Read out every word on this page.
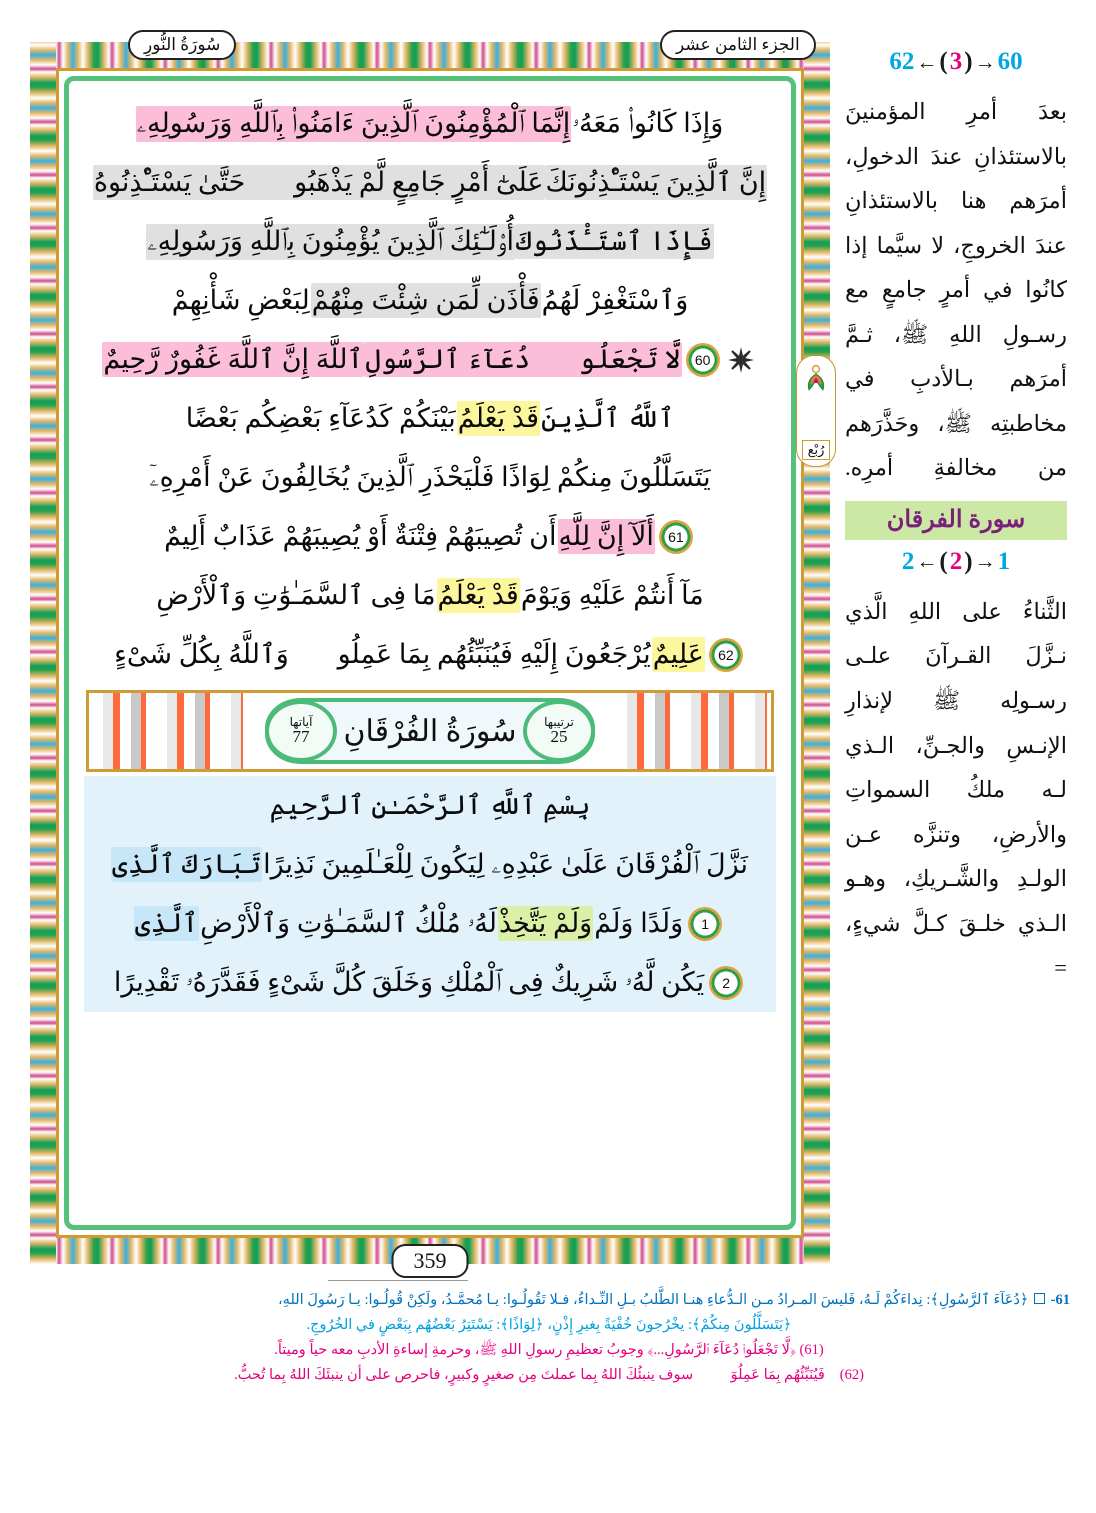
سُورَةُ النُّورِ	الجزء الثامن عشر
رُبْع
359
وَإِذَا كَانُوا۟ مَعَهُۥ
إِنَّمَا ٱلْمُؤْمِنُونَ ٱلَّذِينَ ءَامَنُوا۟ بِٱللَّهِ وَرَسُولِهِۦ
إِنَّ ٱلَّذِينَ يَسْتَـْٔذِنُونَكَ
عَلَىٰٓ أَمْرٍ جَامِعٍ لَّمْ يَذْهَبُوا۟ حَتَّىٰ يَسْتَـْٔذِنُوهُ
فَإِذَا ٱسْتَـْٔذَنُوكَ
أُو۟لَـٰٓئِكَ ٱلَّذِينَ يُؤْمِنُونَ بِٱللَّهِ وَرَسُولِهِۦ
وَٱسْتَغْفِرْ لَهُمُ
فَأْذَن لِّمَن شِئْتَ مِنْهُمْ
لِبَعْضِ شَأْنِهِمْ
60
لَّا تَجْعَلُوا۟ دُعَآءَ ٱلرَّسُولِ
ٱللَّهَ إِنَّ ٱللَّهَ غَفُورٌ رَّحِيمٌ
ٱللَّهُ ٱلَّذِينَ
قَدْ يَعْلَمُ
بَيْنَكُمْ كَدُعَآءِ بَعْضِكُم بَعْضًا
يَتَسَلَّلُونَ مِنكُمْ لِوَاذًا فَلْيَحْذَرِ ٱلَّذِينَ يُخَالِفُونَ عَنْ أَمْرِهِۦٓ
61
أَلَآ إِنَّ لِلَّهِ
أَن تُصِيبَهُمْ فِتْنَةٌ أَوْ يُصِيبَهُمْ عَذَابٌ أَلِيمٌ
مَآ أَنتُمْ عَلَيْهِ وَيَوْمَ
قَدْ يَعْلَمُ
مَا فِى ٱلسَّمَـٰوَٰتِ وَٱلْأَرْضِ
62
عَلِيمٌ
يُرْجَعُونَ إِلَيْهِ فَيُنَبِّئُهُم بِمَا عَمِلُوا۟ وَٱللَّهُ بِكُلِّ شَىْءٍ
آياتها
77	سُورَةُ الفُرْقَانِ	ترتيبها
25
بِسْمِ ٱللَّهِ ٱلرَّحْمَـٰنِ ٱلرَّحِيمِ
نَزَّلَ ٱلْفُرْقَانَ عَلَىٰ عَبْدِهِۦ لِيَكُونَ لِلْعَـٰلَمِينَ نَذِيرًا
تَبَارَكَ ٱلَّذِى
1
وَلَدًا وَلَمْ
وَلَمْ يَتَّخِذْ
لَهُۥ مُلْكُ ٱلسَّمَـٰوَٰتِ وَٱلْأَرْضِ
ٱلَّذِى
2
يَكُن لَّهُۥ شَرِيكٌ فِى ٱلْمُلْكِ وَخَلَقَ كُلَّ شَىْءٍ فَقَدَّرَهُۥ تَقْدِيرًا
62 ← ( 3 ) → 60
بعدَ أمرِ المؤمنينَ بالاستئذانِ عندَ الدخولِ، أمرَهم هنا بالاستئذانِ عندَ الخروجِ، لا سيَّما إذا كانُوا في أمرٍ جامعٍ مع رسـولِ اللهِ ﷺ، ثـمَّ أمرَهم بـالأدبِ في مخاطبتِه ﷺ، وحَذَّرَهم من مخالفةِ أمرِه.
سورة الفرقان
2 ← ( 2 ) → 1
الثَّناءُ على اللهِ الَّذي نـزَّلَ القـرآنَ علـى رسـولِه ﷺ لإنذارِ الإنـسِ والجـنِّ، الـذي لـه ملكُ السمواتِ والأرضِ، وتنزَّه عـن الولـدِ والشَّـريكِ، وهـو الـذي خلـقَ كـلَّ شيءٍ، =
61-  ﴿دُعَآءَ ٱلرَّسُولِ﴾: نِداءَكُمْ لَـهُ، فَليسَ المـرادُ مـن الـدُّعاءِ هنـا الطَّلبُ بـلِ النِّـداءُ، فـلا تَقُولُـوا: يـا مُحمَّـدُ، ولَكِنْ قُولُـوا: يـا رَسُولَ اللهِ،
﴿يَتَسَلَّلُونَ مِنكُمْ﴾: يخْرُجونَ خُفْيَةً بِغيرِ إِذْنٍ، ﴿لِوَاذًا﴾: يَسْتَتِرُ بَعْضُهُم بِبَعْضٍ في الخُرُوجِ.
(61) ﴿لَّا تَجْعَلُوا۟ دُعَآءَ ٱلرَّسُولِ...﴾ وجوبُ تعظيمِ رسولِ اللهِ ﷺ، وحرمةِ إساءةِ الأدبِ معه حياً وميتاً.
(62) ﴿فَيُنَبِّئُهُم بِمَا عَمِلُوٓا۟﴾ سوف ينبئُكَ اللهُ بِما عملتَ مِن صغيرٍ وكبيرٍ، فاحرص على أن ينبئَكَ اللهُ بِما تُحبُّ.
